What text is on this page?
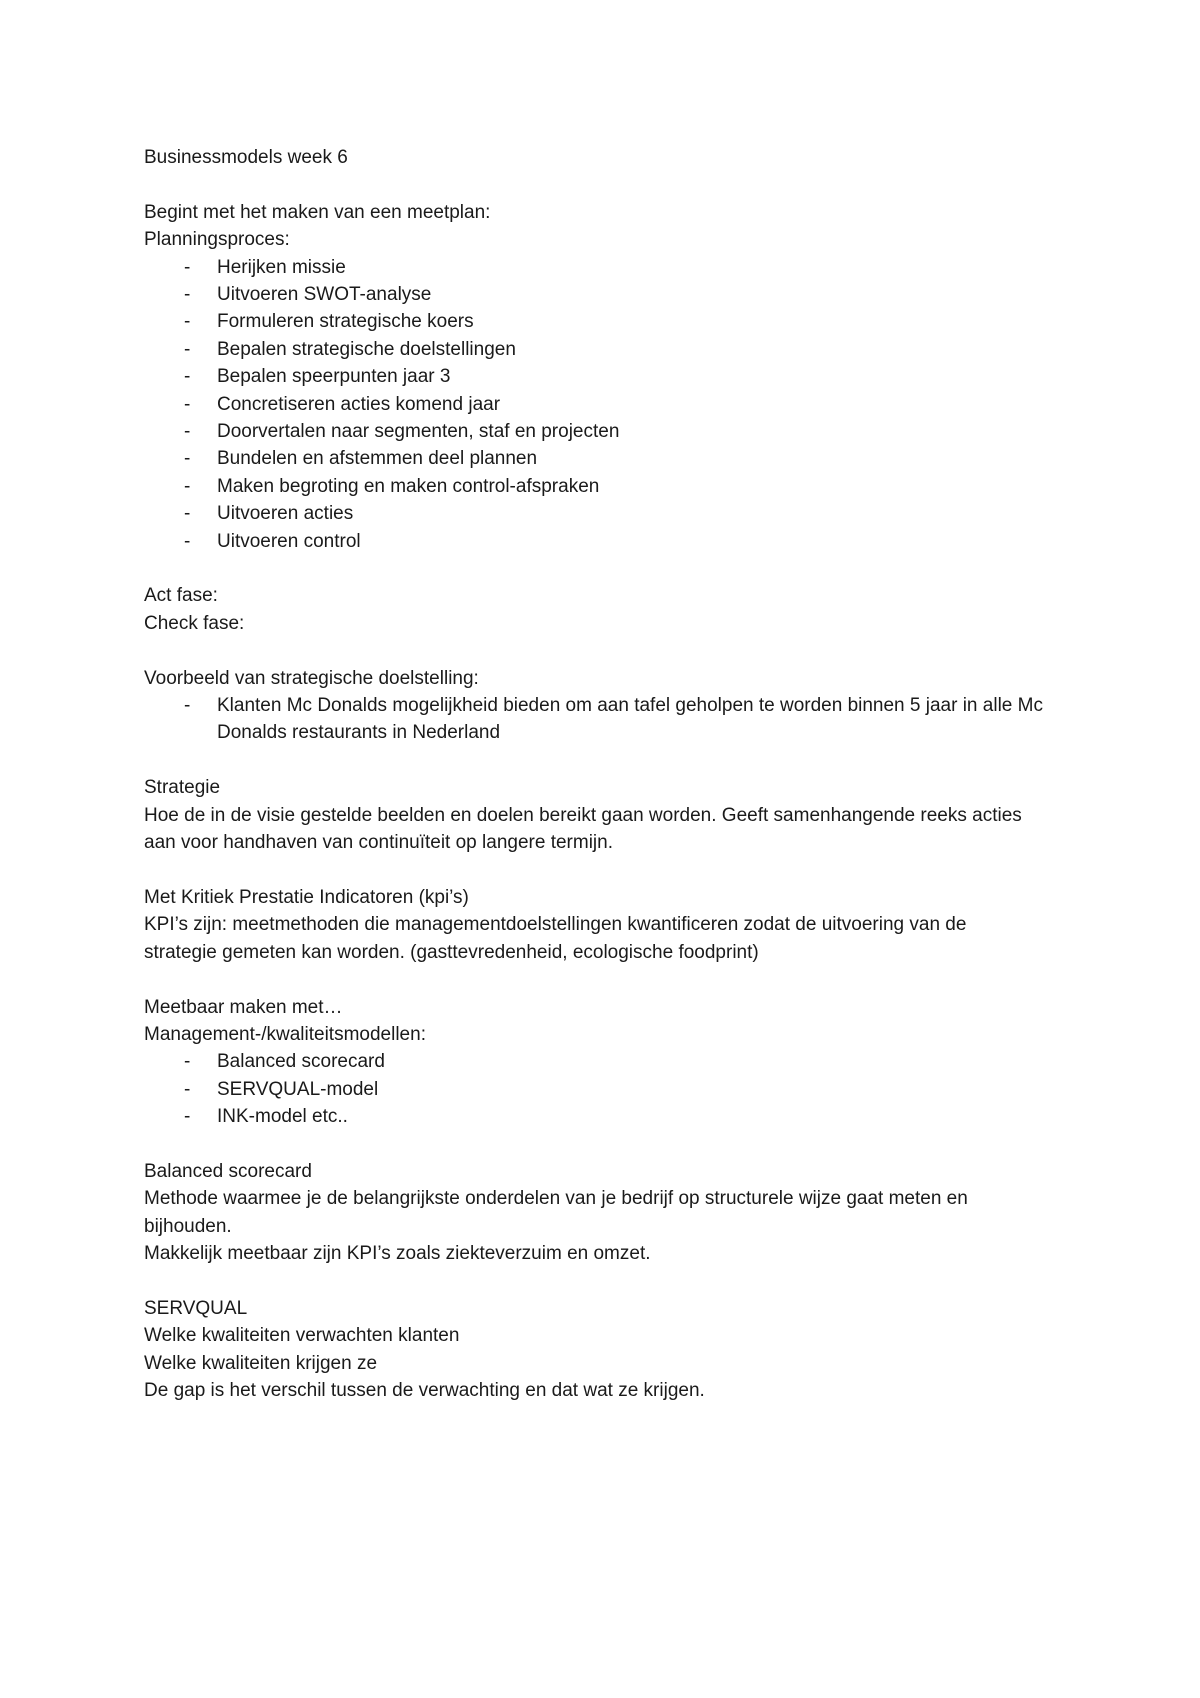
Businessmodels week 6
Begint met het maken van een meetplan:
Planningsproces:
- Herijken missie
- Uitvoeren SWOT-analyse
- Formuleren strategische koers
- Bepalen strategische doelstellingen
- Bepalen speerpunten jaar 3
- Concretiseren acties komend jaar
- Doorvertalen naar segmenten, staf en projecten
- Bundelen en afstemmen deel plannen
- Maken begroting en maken control-afspraken
- Uitvoeren acties
- Uitvoeren control
Act fase:
Check fase:
Voorbeeld van strategische doelstelling:
- Klanten Mc Donalds mogelijkheid bieden om aan tafel geholpen te worden binnen 5 jaar in alle Mc Donalds restaurants in Nederland
Strategie
Hoe de in de visie gestelde beelden en doelen bereikt gaan worden. Geeft samenhangende reeks acties aan voor handhaven van continuïteit op langere termijn.
Met Kritiek Prestatie Indicatoren (kpi’s)
KPI’s zijn: meetmethoden die managementdoelstellingen kwantificeren zodat de uitvoering van de strategie gemeten kan worden. (gasttevredenheid, ecologische foodprint)
Meetbaar maken met…
Management-/kwaliteitsmodellen:
- Balanced scorecard
- SERVQUAL-model
- INK-model etc..
Balanced scorecard
Methode waarmee je de belangrijkste onderdelen van je bedrijf op structurele wijze gaat meten en bijhouden.
Makkelijk meetbaar zijn KPI’s zoals ziekteverzuim en omzet.
SERVQUAL
Welke kwaliteiten verwachten klanten
Welke kwaliteiten krijgen ze
De gap is het verschil tussen de verwachting en dat wat ze krijgen.
